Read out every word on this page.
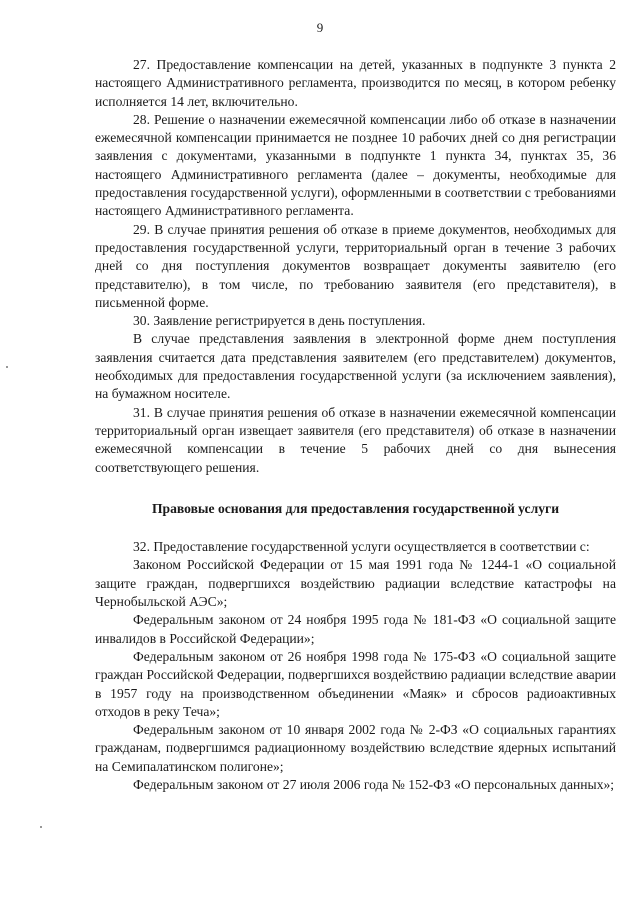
9

27. Предоставление компенсации на детей, указанных в подпункте 3 пункта 2 настоящего Административного регламента, производится по месяц, в котором ребенку исполняется 14 лет, включительно.

28. Решение о назначении ежемесячной компенсации либо об отказе в назначении ежемесячной компенсации принимается не позднее 10 рабочих дней со дня регистрации заявления с документами, указанными в подпункте 1 пункта 34, пунктах 35, 36 настоящего Административного регламента (далее – документы, необходимые для предоставления государственной услуги), оформленными в соответствии с требованиями настоящего Административного регламента.

29. В случае принятия решения об отказе в приеме документов, необходимых для предоставления государственной услуги, территориальный орган в течение 3 рабочих дней со дня поступления документов возвращает документы заявителю (его представителю), в том числе, по требованию заявителя (его представителя), в письменной форме.

30. Заявление регистрируется в день поступления.

В случае представления заявления в электронной форме днем поступления заявления считается дата представления заявителем (его представителем) документов, необходимых для предоставления государственной услуги (за исключением заявления), на бумажном носителе.

31. В случае принятия решения об отказе в назначении ежемесячной компенсации территориальный орган извещает заявителя (его представителя) об отказе в назначении ежемесячной компенсации в течение 5 рабочих дней со дня вынесения соответствующего решения.

Правовые основания для предоставления государственной услуги

32. Предоставление государственной услуги осуществляется в соответствии с:

Законом Российской Федерации от 15 мая 1991 года № 1244-1 «О социальной защите граждан, подвергшихся воздействию радиации вследствие катастрофы на Чернобыльской АЭС»;

Федеральным законом от 24 ноября 1995 года № 181-ФЗ «О социальной защите инвалидов в Российской Федерации»;

Федеральным законом от 26 ноября 1998 года № 175-ФЗ «О социальной защите граждан Российской Федерации, подвергшихся воздействию радиации вследствие аварии в 1957 году на производственном объединении «Маяк» и сбросов радиоактивных отходов в реку Теча»;

Федеральным законом от 10 января 2002 года № 2-ФЗ «О социальных гарантиях гражданам, подвергшимся радиационному воздействию вследствие ядерных испытаний на Семипалатинском полигоне»;

Федеральным законом от 27 июля 2006 года № 152-ФЗ «О персональных данных»;
